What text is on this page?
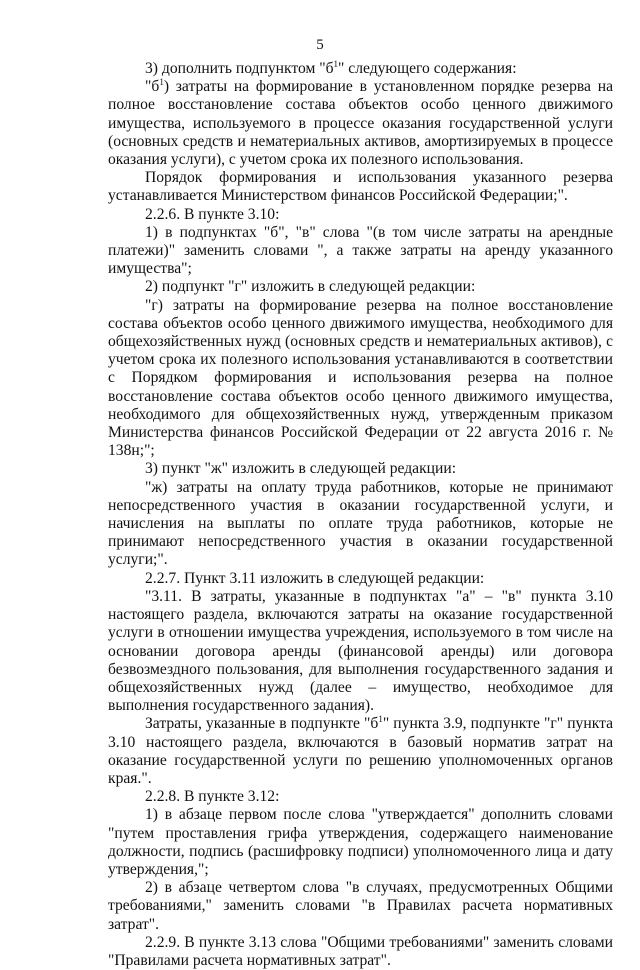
5

3) дополнить подпунктом "$б^1$" следующего содержания:

"$б^1$) затраты на формирование в установленном порядке резерва на полное восстановление состава объектов особо ценного движимого имущества, используемого в процессе оказания государственной услуги (основных средств и нематериальных активов, амортизируемых в процессе оказания услуги), с учетом срока их полезного использования.

Порядок формирования и использования указанного резерва устанавливается Министерством финансов Российской Федерации;".

2.2.6. В пункте 3.10:

1) в подпунктах "б", "в" слова "(в том числе затраты на арендные платежи)" заменить словами ", а также затраты на аренду указанного имущества";

2) подпункт "г" изложить в следующей редакции:

"г) затраты на формирование резерва на полное восстановление состава объектов особо ценного движимого имущества, необходимого для общехозяйственных нужд (основных средств и нематериальных активов), с учетом срока их полезного использования устанавливаются в соответствии с Порядком формирования и использования резерва на полное восстановление состава объектов особо ценного движимого имущества, необходимого для общехозяйственных нужд, утвержденным приказом Министерства финансов Российской Федерации от 22 августа 2016 г. № 138н;";

3) пункт "ж" изложить в следующей редакции:

"ж) затраты на оплату труда работников, которые не принимают непосредственного участия в оказании государственной услуги, и начисления на выплаты по оплате труда работников, которые не принимают непосредственного участия в оказании государственной услуги;".

2.2.7. Пункт 3.11 изложить в следующей редакции:

"3.11. В затраты, указанные в подпунктах "а" – "в" пункта 3.10 настоящего раздела, включаются затраты на оказание государственной услуги в отношении имущества учреждения, используемого в том числе на основании договора аренды (финансовой аренды) или договора безвозмездного пользования, для выполнения государственного задания и общехозяйственных нужд (далее – имущество, необходимое для выполнения государственного задания).

Затраты, указанные в подпункте "$б^1$" пункта 3.9, подпункте "г" пункта 3.10 настоящего раздела, включаются в базовый норматив затрат на оказание государственной услуги по решению уполномоченных органов края.".

2.2.8. В пункте 3.12:

1) в абзаце первом после слова "утверждается" дополнить словами "путем проставления грифа утверждения, содержащего наименование должности, подпись (расшифровку подписи) уполномоченного лица и дату утверждения,";

2) в абзаце четвертом слова "в случаях, предусмотренных Общими требованиями," заменить словами "в Правилах расчета нормативных затрат".

2.2.9. В пункте 3.13 слова "Общими требованиями" заменить словами "Правилами расчета нормативных затрат".
